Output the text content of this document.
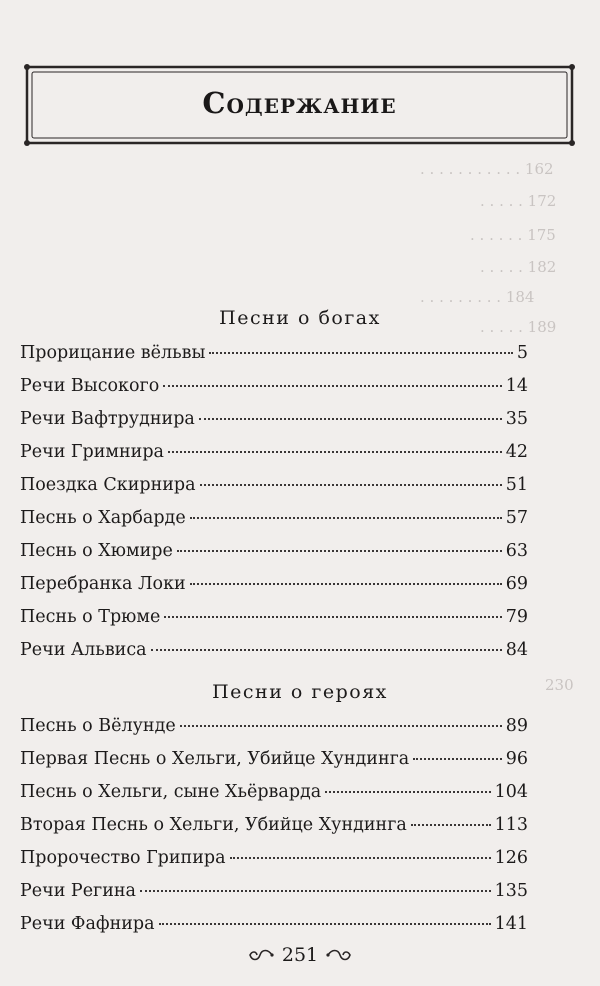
. . . . . . . . . . . 162
. . . . . 172
. . . . . . 175
. . . . . 182
. . . . . . . . . 184
. . . . . 189
230
Содержание
Песни о богах
Прорицание вёльвы	5
Речи Высокого	14
Речи Вафтруднира	35
Речи Гримнира	42
Поездка Скирнира	51
Песнь о Харбарде	57
Песнь о Хюмире	63
Перебранка Локи	69
Песнь о Трюме	79
Речи Альвиса	84
Песни о героях
Песнь о Вёлунде	89
Первая Песнь о Хельги, Убийце Хундинга	96
Песнь о Хельги, сыне Хьёрварда	104
Вторая Песнь о Хельги, Убийце Хундинга	113
Пророчество Грипира	126
Речи Регина	135
Речи Фафнира	141
251
